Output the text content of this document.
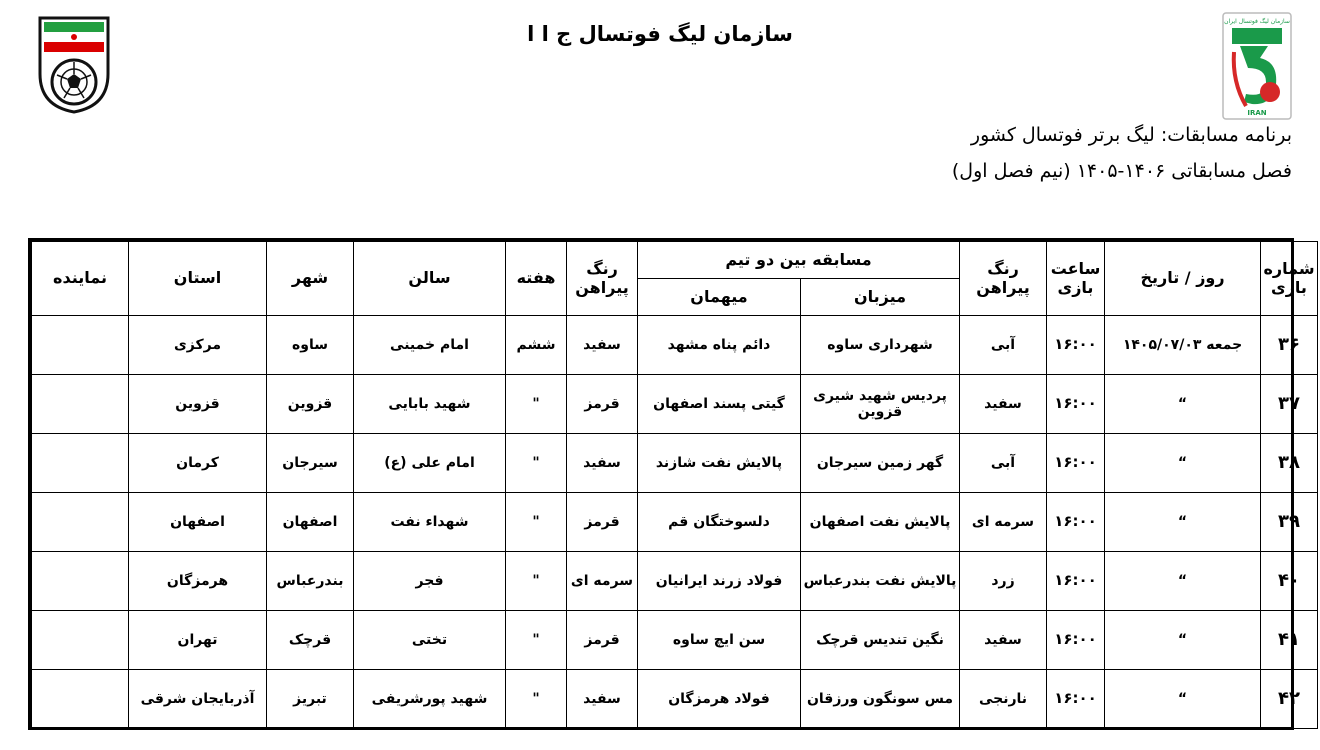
سازمان لیگ فوتسال ایران
IRAN
سازمان لیگ فوتسال ج ا ا
برنامه مسابقات: لیگ برتر فوتسال کشور
فصل مسابقاتی ۱۴۰۶-۱۴۰۵ (نیم فصل اول)
شماره بازی	روز / تاریخ	ساعت بازی	رنگ پیراهن	مسابقه بین دو تیم		رنگ پیراهن	هفته	سالن	شهر	استان	نماینده
				میزبان	میهمان						
۳۶	جمعه ۱۴۰۵/۰۷/۰۳	۱۶:۰۰	آبی	شهرداری ساوه	دائم پناه مشهد	سفید	ششم	امام خمینی	ساوه	مرکزی	
۳۷	“	۱۶:۰۰	سفید	پردیس شهید شیری قزوین	گیتی پسند اصفهان	قرمز	"	شهید بابایی	قزوین	قزوین	
۳۸	“	۱۶:۰۰	آبی	گهر زمین سیرجان	پالایش نفت شازند	سفید	"	امام علی (ع)	سیرجان	کرمان	
۳۹	“	۱۶:۰۰	سرمه ای	پالایش نفت اصفهان	دلسوختگان قم	قرمز	"	شهداء نفت	اصفهان	اصفهان	
۴۰	“	۱۶:۰۰	زرد	پالایش نفت بندرعباس	فولاد زرند ایرانیان	سرمه ای	"	فجر	بندرعباس	هرمزگان	
۴۱	“	۱۶:۰۰	سفید	نگین تندیس قرچک	سن ایچ ساوه	قرمز	"	تختی	قرچک	تهران	
۴۲	“	۱۶:۰۰	نارنجی	مس سونگون ورزقان	فولاد هرمزگان	سفید	"	شهید پورشریفی	تبریز	آذربایجان شرقی	
